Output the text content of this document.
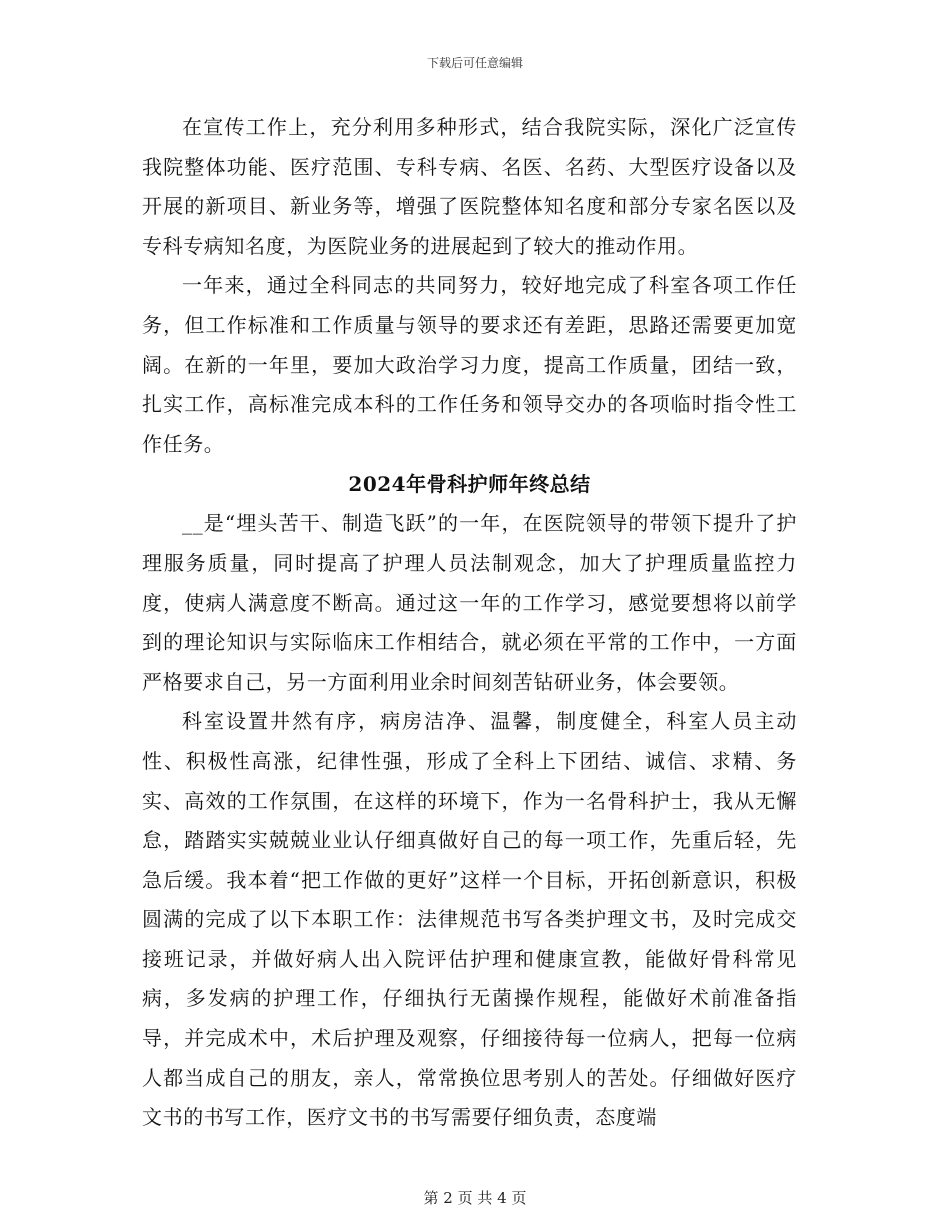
下载后可任意编辑

在宣传工作上，充分利用多种形式，结合我院实际，深化广泛宣传我院整体功能、医疗范围、专科专病、名医、名药、大型医疗设备以及开展的新项目、新业务等，增强了医院整体知名度和部分专家名医以及专科专病知名度，为医院业务的进展起到了较大的推动作用。

一年来，通过全科同志的共同努力，较好地完成了科室各项工作任务，但工作标准和工作质量与领导的要求还有差距，思路还需要更加宽阔。在新的一年里，要加大政治学习力度，提高工作质量，团结一致，扎实工作，高标准完成本科的工作任务和领导交办的各项临时指令性工作任务。

2024年骨科护师年终总结

__是“埋头苦干、制造飞跃”的一年，在医院领导的带领下提升了护理服务质量，同时提高了护理人员法制观念，加大了护理质量监控力度，使病人满意度不断高。通过这一年的工作学习，感觉要想将以前学到的理论知识与实际临床工作相结合，就必须在平常的工作中，一方面严格要求自己，另一方面利用业余时间刻苦钻研业务，体会要领。

科室设置井然有序，病房洁净、温馨，制度健全，科室人员主动性、积极性高涨，纪律性强，形成了全科上下团结、诚信、求精、务实、高效的工作氛围，在这样的环境下，作为一名骨科护士，我从无懈怠，踏踏实实兢兢业业认仔细真做好自己的每一项工作，先重后轻，先急后缓。我本着“把工作做的更好”这样一个目标，开拓创新意识，积极圆满的完成了以下本职工作：法律规范书写各类护理文书，及时完成交接班记录，并做好病人出入院评估护理和健康宣教，能做好骨科常见病，多发病的护理工作，仔细执行无菌操作规程，能做好术前准备指导，并完成术中，术后护理及观察，仔细接待每一位病人，把每一位病人都当成自己的朋友，亲人，常常换位思考别人的苦处。仔细做好医疗文书的书写工作，医疗文书的书写需要仔细负责，态度端

第 2 页 共 4 页
